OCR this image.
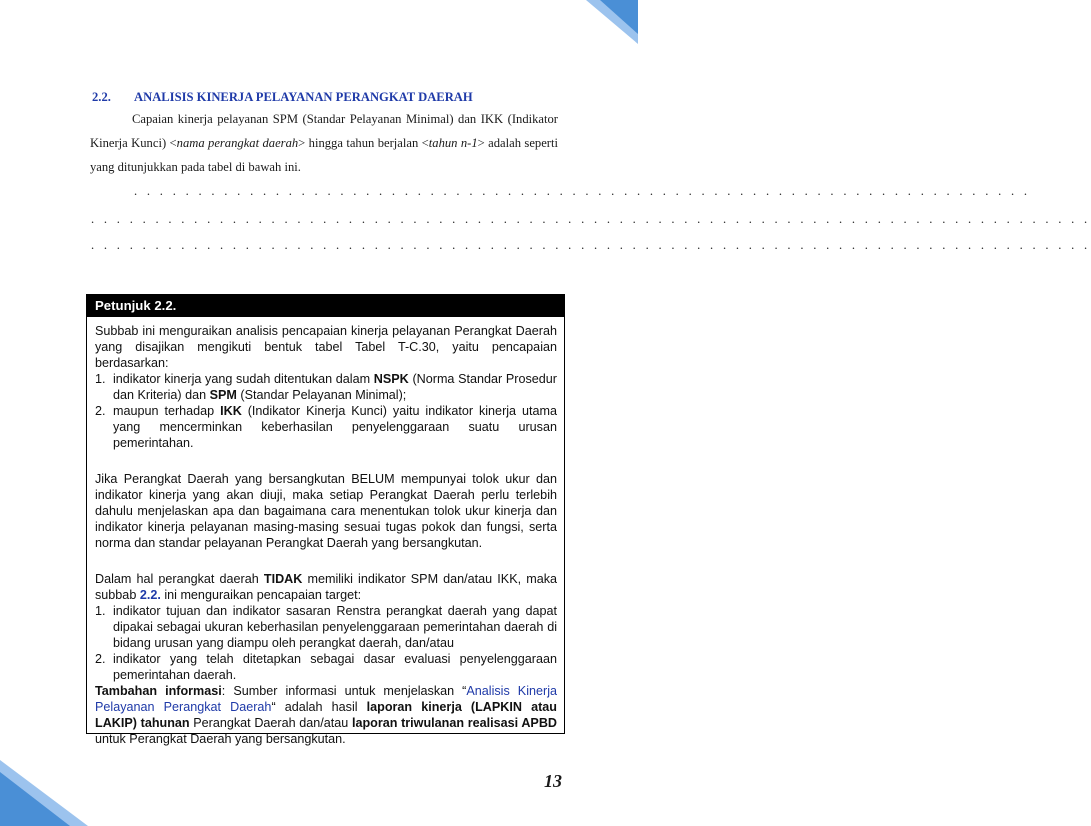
2.2. ANALISIS KINERJA PELAYANAN PERANGKAT DAERAH

Capaian kinerja pelayanan SPM (Standar Pelayanan Minimal) dan IKK (Indikator Kinerja Kunci) <nama perangkat daerah> hingga tahun berjalan <tahun n-1> adalah seperti yang ditunjukkan pada tabel di bawah ini.

. . . . . . . . . . . . . . . . . . . . . . . . . . . . . . . . . . . . . . . . . . . . . . . . . . . . . . . . . . . . . . . . . . . . . .
. . . . . . . . . . . . . . . . . . . . . . . . . . . . . . . . . . . . . . . . . . . . . . . . . . . . . . . . . . . . . . . . . . . . . . . . . . . . . .
. . . . . . . . . . . . . . . . . . . . . . . . . . . . . . . . . . . . . . . . . . . . . . . . . . . . . . . . . . . . . . . . . . . . . . . . . . . . . .
Petunjuk 2.2.

Subbab ini menguraikan analisis pencapaian kinerja pelayanan Perangkat Daerah yang disajikan mengikuti bentuk tabel Tabel T-C.30, yaitu pencapaian berdasarkan:

1. indikator kinerja yang sudah ditentukan dalam NSPK (Norma Standar Prosedur dan Kriteria) dan SPM (Standar Pelayanan Minimal);
2. maupun terhadap IKK (Indikator Kinerja Kunci) yaitu indikator kinerja utama yang mencerminkan keberhasilan penyelenggaraan suatu urusan pemerintahan.

Jika Perangkat Daerah yang bersangkutan BELUM mempunyai tolok ukur dan indikator kinerja yang akan diuji, maka setiap Perangkat Daerah perlu terlebih dahulu menjelaskan apa dan bagaimana cara menentukan tolok ukur kinerja dan indikator kinerja pelayanan masing-masing sesuai tugas pokok dan fungsi, serta norma dan standar pelayanan Perangkat Daerah yang bersangkutan.

Dalam hal perangkat daerah TIDAK memiliki indikator SPM dan/atau IKK, maka subbab 2.2. ini menguraikan pencapaian target:

1. indikator tujuan dan indikator sasaran Renstra perangkat daerah yang dapat dipakai sebagai ukuran keberhasilan penyelenggaraan pemerintahan daerah di bidang urusan yang diampu oleh perangkat daerah, dan/atau
2. indikator yang telah ditetapkan sebagai dasar evaluasi penyelenggaraan pemerintahan daerah.

Tambahan informasi: Sumber informasi untuk menjelaskan “Analisis Kinerja Pelayanan Perangkat Daerah“ adalah hasil laporan kinerja (LAPKIN atau LAKIP) tahunan Perangkat Daerah dan/atau laporan triwulanan realisasi APBD untuk Perangkat Daerah yang bersangkutan.

13
